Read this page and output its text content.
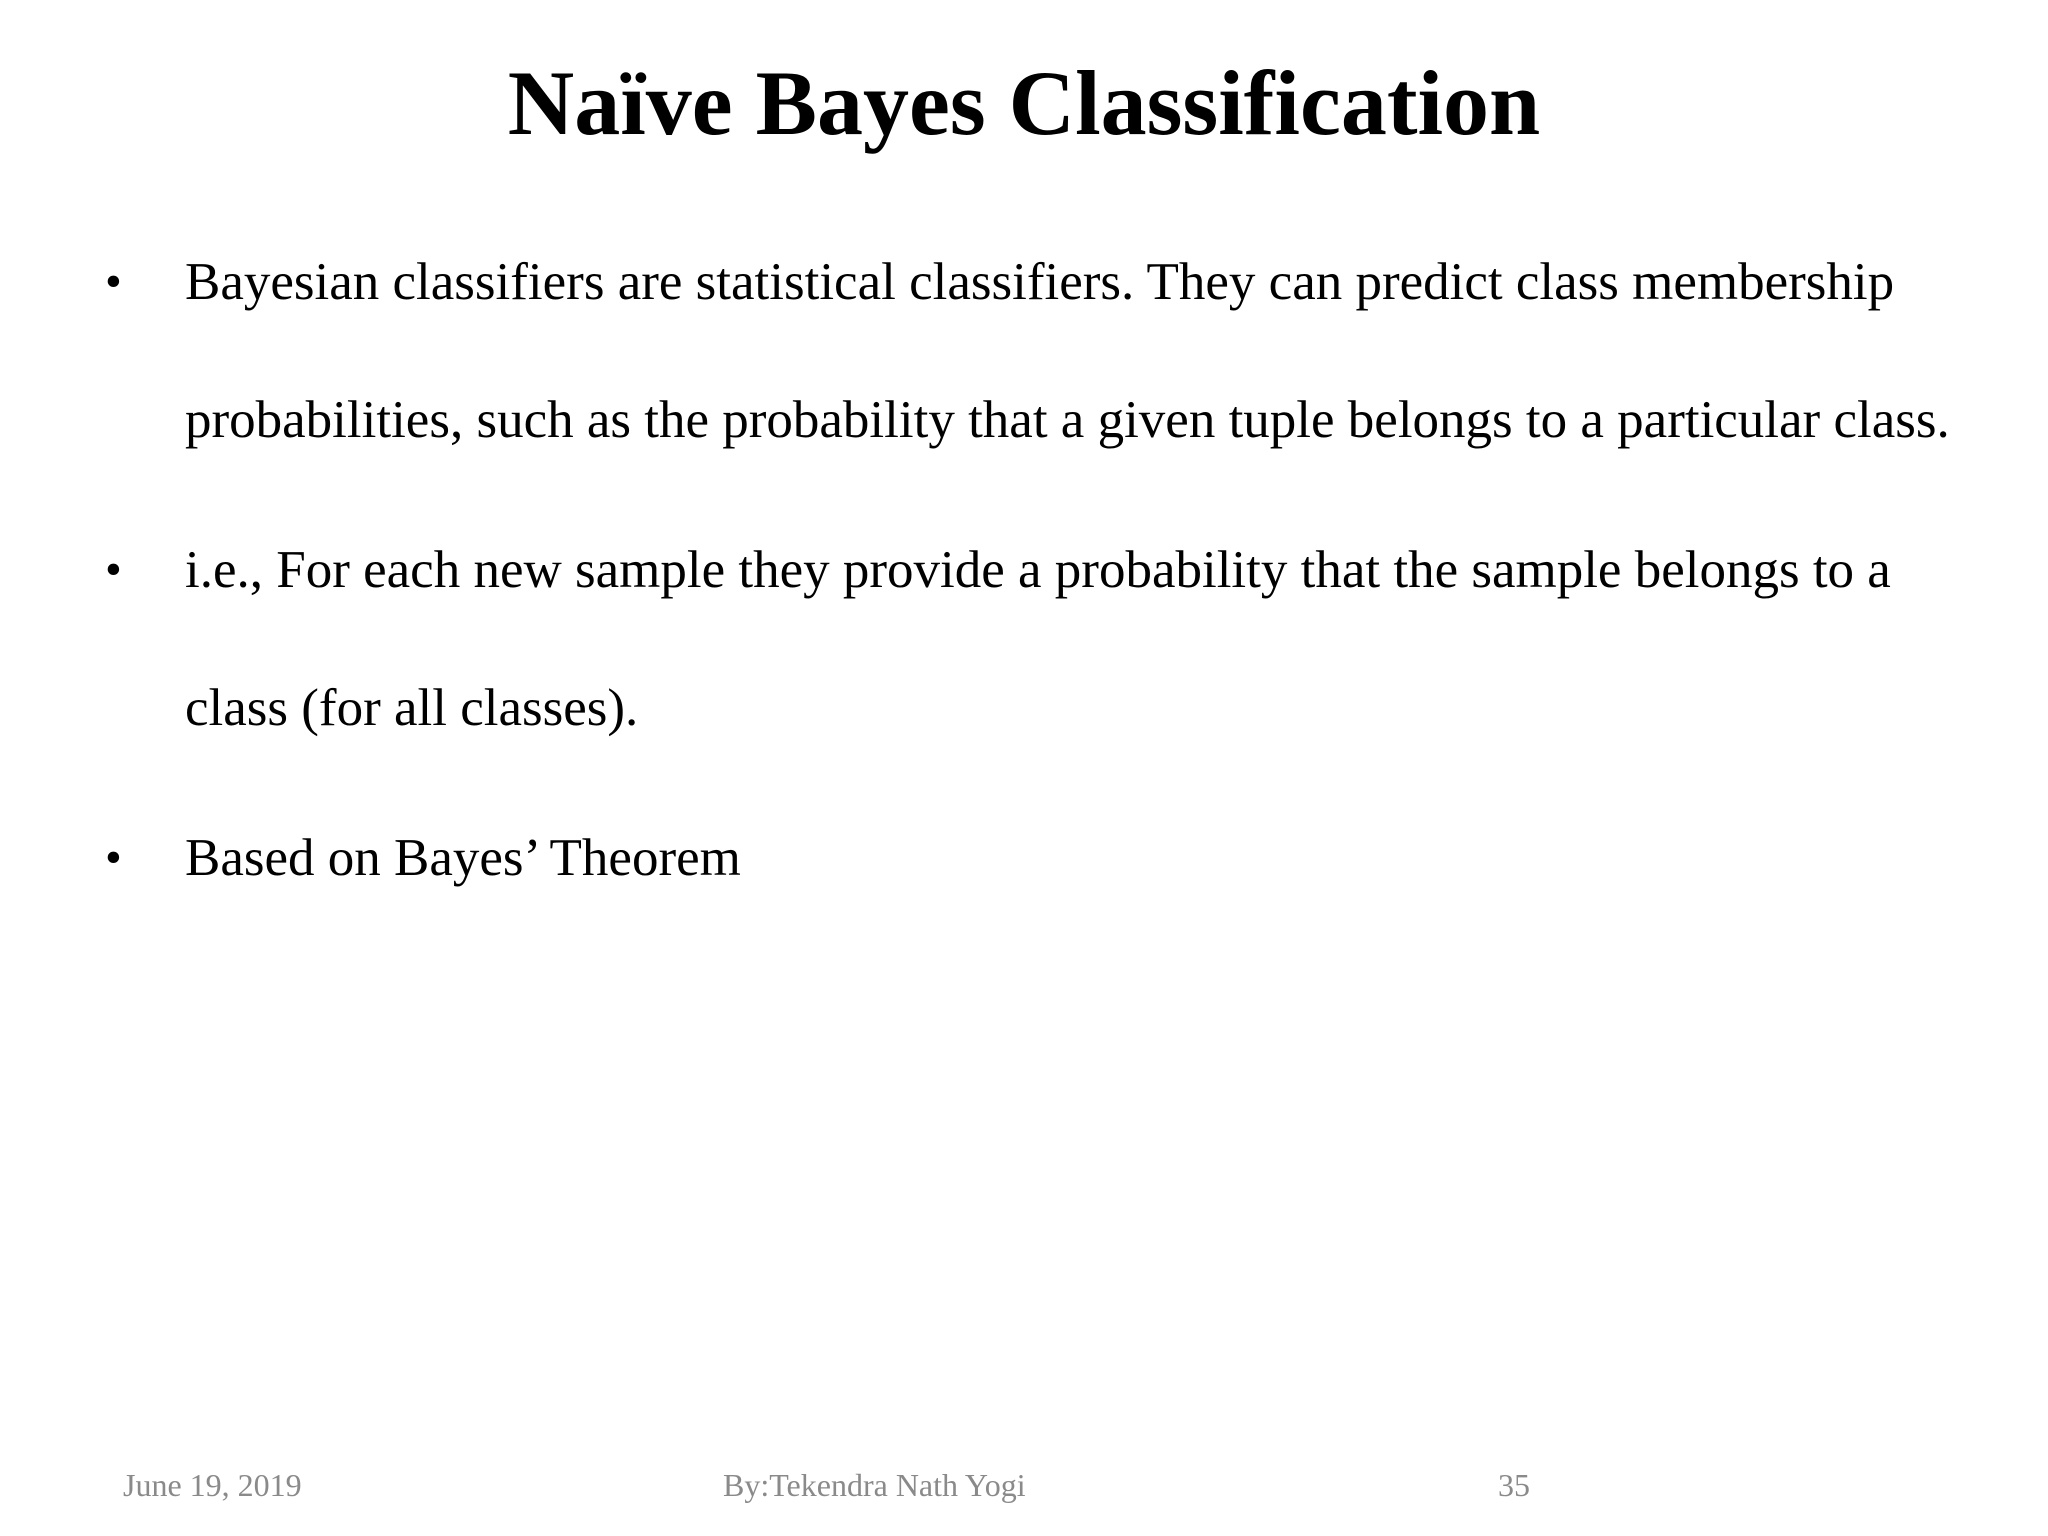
Naïve Bayes Classification
•	Bayesian classifiers are statistical classifiers. They can predict class membership probabilities, such as the probability that a given tuple belongs to a particular class.
•	i.e., For each new sample they provide a probability that the sample belongs to a class (for all classes).
•	Based on Bayes’ Theorem
June 19, 2019	By:Tekendra Nath Yogi	35
